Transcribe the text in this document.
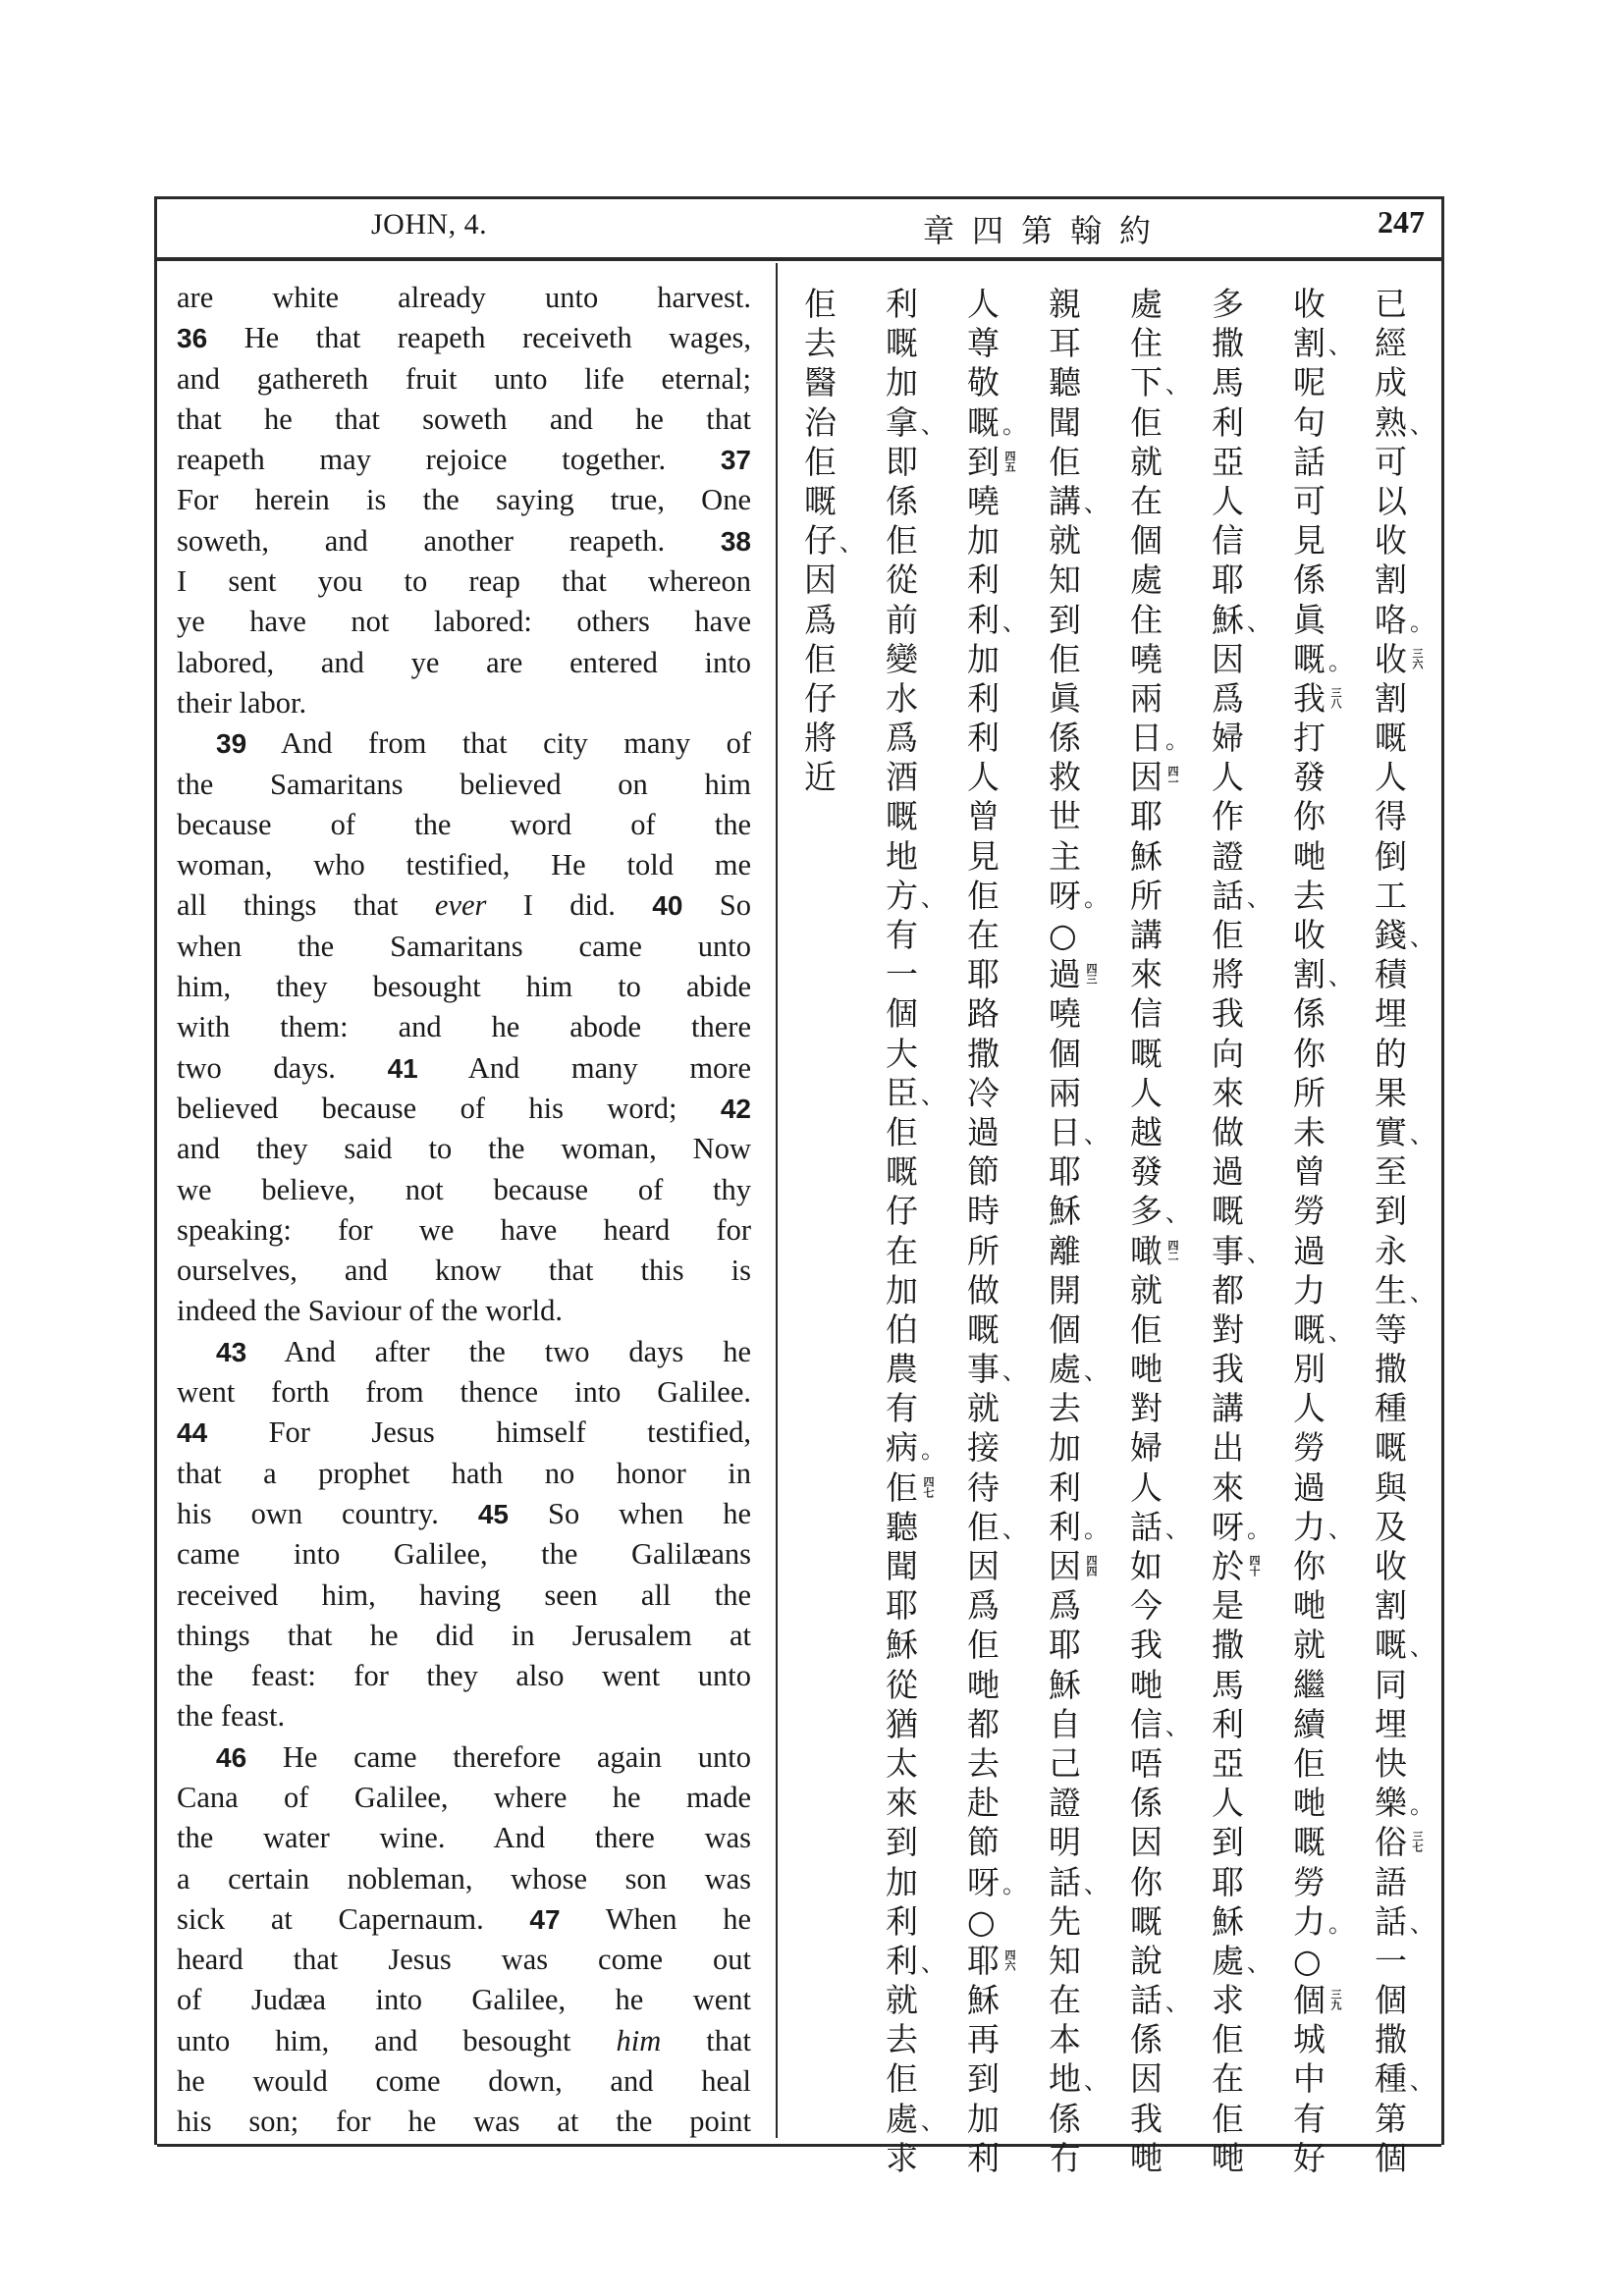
JOHN, 4.	章四第翰約	247
are white already unto harvest.
36 He that reapeth receiveth wages,
and gathereth fruit unto life eternal;
that he that soweth and he that
reapeth may rejoice together. 37
For herein is the saying true, One
soweth, and another reapeth. 38
I sent you to reap that whereon
ye have not labored: others have
labored, and ye are entered into
their labor.
39 And from that city many of
the Samaritans believed on him
because of the word of the
woman, who testified, He told me
all things that ever I did. 40 So
when the Samaritans came unto
him, they besought him to abide
with them: and he abode there
two days. 41 And many more
believed because of his word; 42
and they said to the woman, Now
we believe, not because of thy
speaking: for we have heard for
ourselves, and know that this is
indeed the Saviour of the world.
43 And after the two days he
went forth from thence into Galilee.
44 For Jesus himself testified,
that a prophet hath no honor in
his own country. 45 So when he
came into Galilee, the Galilæans
received him, having seen all the
things that he did in Jerusalem at
the feast: for they also went unto
the feast.
46 He came therefore again unto
Cana of Galilee, where he made
the water wine. And there was
a certain nobleman, whose son was
sick at Capernaum. 47 When he
heard that Jesus was come out
of Judæa into Galilee, he went
unto him, and besought him that
he would come down, and heal
his son; for he was at the point
已
經
成
熟 、
可
以
收
割
咯 。
收 三六
割
嘅
人
得
倒
工
錢 、
積
埋
的
果
實 、
至
到
永
生 、
等
撒
種
嘅
與
及
收
割
嘅 、
同
埋
快
樂 。
俗 三七
語
話 、
一
個
撒
種 、
第
個
收
割 、
呢
句
話
可
見
係
眞
嘅 。
我 三八
打
發
你
哋
去
收
割 、
係
你
所
未
曾
勞
過
力
嘅 、
別
人
勞
過
力 、
你
哋
就
繼
續
佢
哋
嘅
勞
力 。
○
個 三九
城
中
有
好
多
撒
馬
利
亞
人
信
耶
穌 、
因
爲
婦
人
作
證
話 、
佢
將
我
向
來
做
過
嘅
事 、
都
對
我
講
出
來
呀 。
於 四十
是
撒
馬
利
亞
人
到
耶
穌
處 、
求
佢
在
佢
哋
處
住
下 、
佢
就
在
個
處
住
嘵
兩
日 。
因 四一
耶
穌
所
講
來
信
嘅
人
越
發
多 、
噉 四二
就
佢
哋
對
婦
人
話 、
如
今
我
哋
信 、
唔
係
因
你
嘅
說
話 、
係
因
我
哋
親
耳
聽
聞
佢
講 、
就
知
到
佢
眞
係
救
世
主
呀 。
○
過 四三
嘵
個
兩
日 、
耶
穌
離
開
個
處 、
去
加
利
利 。
因 四四
爲
耶
穌
自
己
證
明
話 、
先
知
在
本
地 、
係
冇
人
尊
敬
嘅 。
到 四五
嘵
加
利
利 、
加
利
利
人
曾
見
佢
在
耶
路
撒
冷
過
節
時
所
做
嘅
事 、
就
接
待
佢 、
因
爲
佢
哋
都
去
赴
節
呀 。
○
耶 四六
穌
再
到
加
利
利
嘅
加
拿 、
即
係
佢
從
前
變
水
爲
酒
嘅
地
方 、
有
一
個
大
臣 、
佢
嘅
仔
在
加
伯
農
有
病 。
佢 四七
聽
聞
耶
穌
從
猶
太
來
到
加
利
利 、
就
去
佢
處 、
求
佢
去
醫
治
佢
嘅
仔 、
因
爲
佢
仔
將
近
